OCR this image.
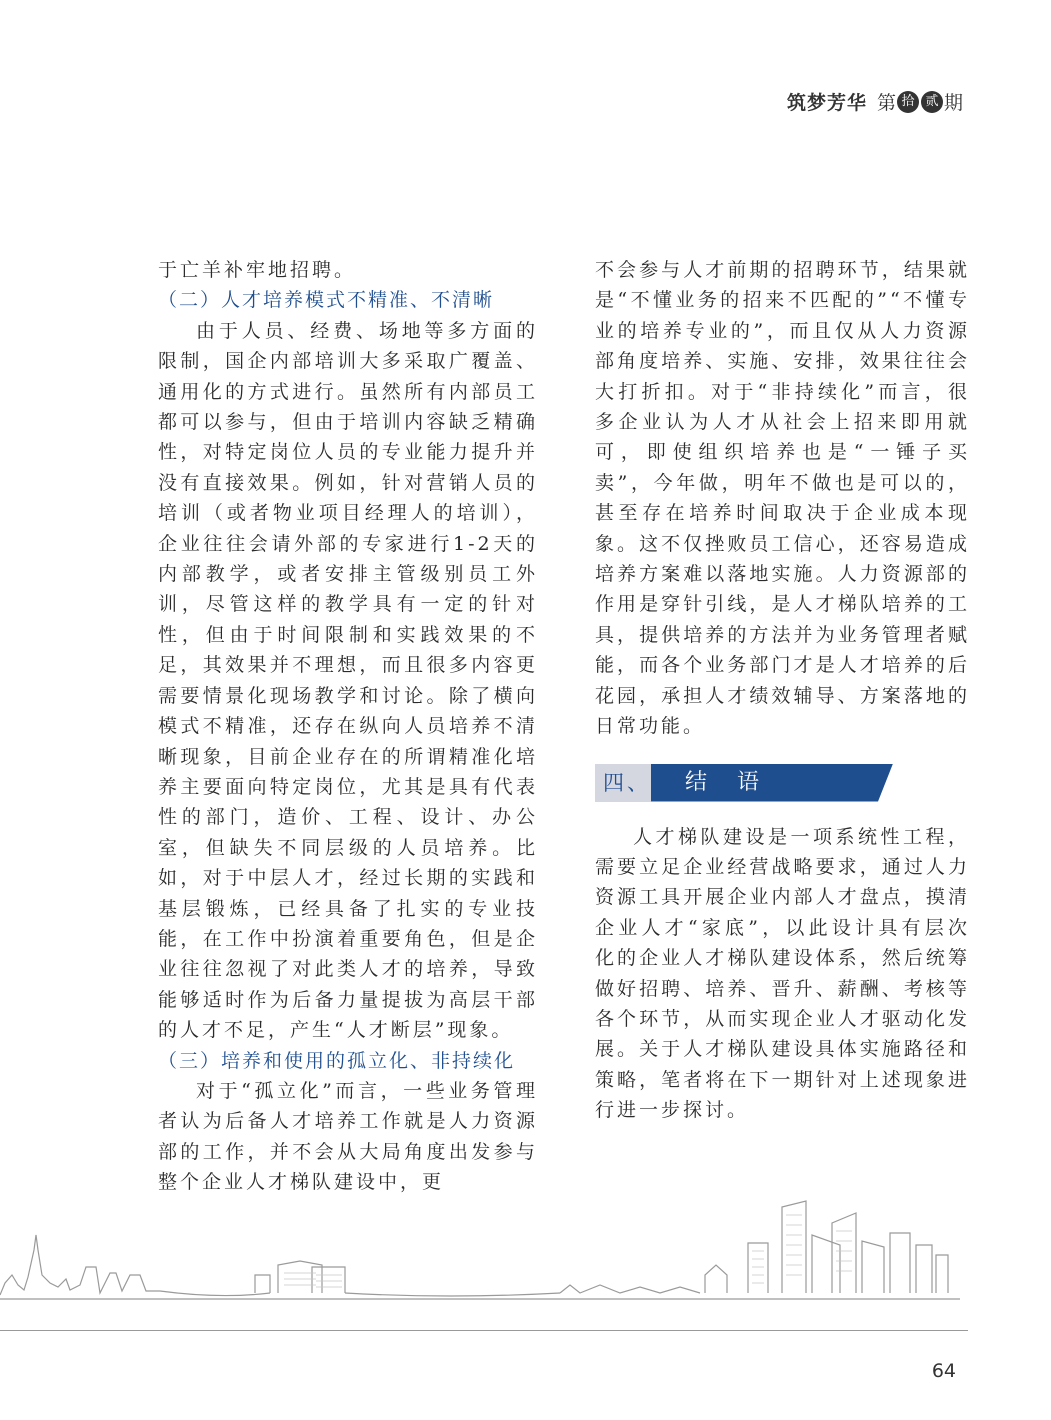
筑梦芳华 第 拾 贰 期

于亡羊补牢地招聘。

（二）人才培养模式不精准、不清晰

由于人员、经费、场地等多方面的限制，国企内部培训大多采取广覆盖、通用化的方式进行。虽然所有内部员工都可以参与，但由于培训内容缺乏精确性，对特定岗位人员的专业能力提升并没有直接效果。例如，针对营销人员的培训（或者物业项目经理人的培训），企业往往会请外部的专家进行1-2天的内部教学，或者安排主管级别员工外训，尽管这样的教学具有一定的针对性，但由于时间限制和实践效果的不足，其效果并不理想，而且很多内容更需要情景化现场教学和讨论。除了横向模式不精准，还存在纵向人员培养不清晰现象，目前企业存在的所谓精准化培养主要面向特定岗位，尤其是具有代表性的部门，造价、工程、设计、办公室，但缺失不同层级的人员培养。比如，对于中层人才，经过长期的实践和基层锻炼，已经具备了扎实的专业技能，在工作中扮演着重要角色，但是企业往往忽视了对此类人才的培养，导致能够适时作为后备力量提拔为高层干部的人才不足，产生“人才断层”现象。

（三）培养和使用的孤立化、非持续化

对于“孤立化”而言，一些业务管理者认为后备人才培养工作就是人力资源部的工作，并不会从大局角度出发参与整个企业人才梯队建设中，更

不会参与人才前期的招聘环节，结果就是“不懂业务的招来不匹配的”“不懂专业的培养专业的”，而且仅从人力资源部角度培养、实施、安排，效果往往会大打折扣。对于“非持续化”而言，很多企业认为人才从社会上招来即用就可，即使组织培养也是“一锤子买卖”，今年做，明年不做也是可以的，甚至存在培养时间取决于企业成本现象。这不仅挫败员工信心，还容易造成培养方案难以落地实施。人力资源部的作用是穿针引线，是人才梯队培养的工具，提供培养的方法并为业务管理者赋能，而各个业务部门才是人才培养的后花园，承担人才绩效辅导、方案落地的日常功能。

四、 结语

人才梯队建设是一项系统性工程，需要立足企业经营战略要求，通过人力资源工具开展企业内部人才盘点，摸清企业人才“家底”，以此设计具有层次化的企业人才梯队建设体系，然后统筹做好招聘、培养、晋升、薪酬、考核等各个环节，从而实现企业人才驱动化发展。关于人才梯队建设具体实施路径和策略，笔者将在下一期针对上述现象进行进一步探讨。

64
